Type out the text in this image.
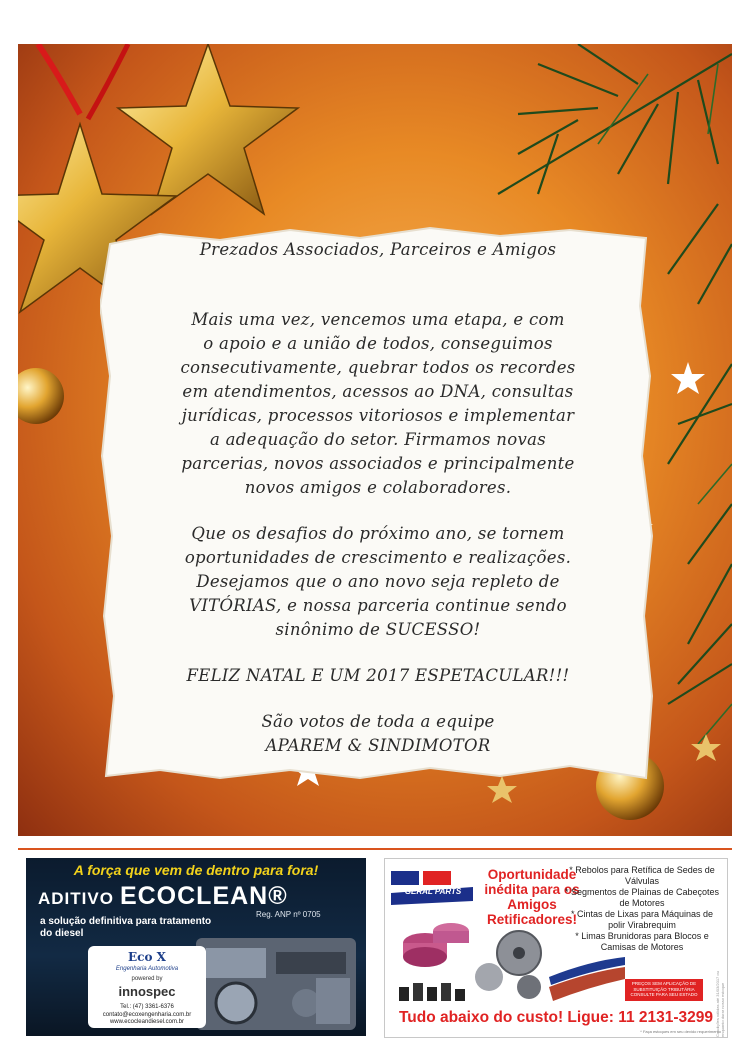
Prezados Associados, Parceiros e Amigos

Mais uma vez, vencemos uma etapa, e com

o apoio e a união de todos, conseguimos

consecutivamente, quebrar todos os recordes

em atendimentos, acessos ao DNA, consultas

jurídicas, processos vitoriosos e implementar

a adequação do setor. Firmamos novas

parcerias, novos associados e principalmente

novos amigos e colaboradores.

Que os desafios do próximo ano, se tornem

oportunidades de crescimento e realizações.

Desejamos que o ano novo seja repleto de

VITÓRIAS, e nossa parceria continue sendo

sinônimo de SUCESSO!

FELIZ NATAL E UM 2017 ESPETACULAR!!!

São votos de toda a equipe

APAREM & SINDIMOTOR

A força que vem de dentro para fora!
ADITIVO ECOCLEAN®
Reg. ANP nº 0705
a solução definitiva para tratamento do diesel
Eco X
Engenharia Automotiva
powered by
innospec
Tel.: (47) 3361-6376
contato@ecoxengenharia.com.br
www.ecocleandiesel.com.br
GERAL PARTS
Oportunidade inédita para os Amigos Retificadores!
* Rebolos para Retífica de Sedes de Válvulas
* Segmentos de Plainas de Cabeçotes de Motores
* Cintas de Lixas para Máquinas de polir Virabrequim
* Limas Brunidoras para Blocos e Camisas de Motores
PREÇOS SEM APLICAÇÃO DE SUBSTITUIÇÃO TRIBUTÁRIA CONSULTE PARA SEU ESTADO
Tudo abaixo do custo! Ligue: 11 2131-3299
* Faça estoques em seu devido requerimento
Condições válidas até 31/03/2017 ou enquanto durar nosso estoque
